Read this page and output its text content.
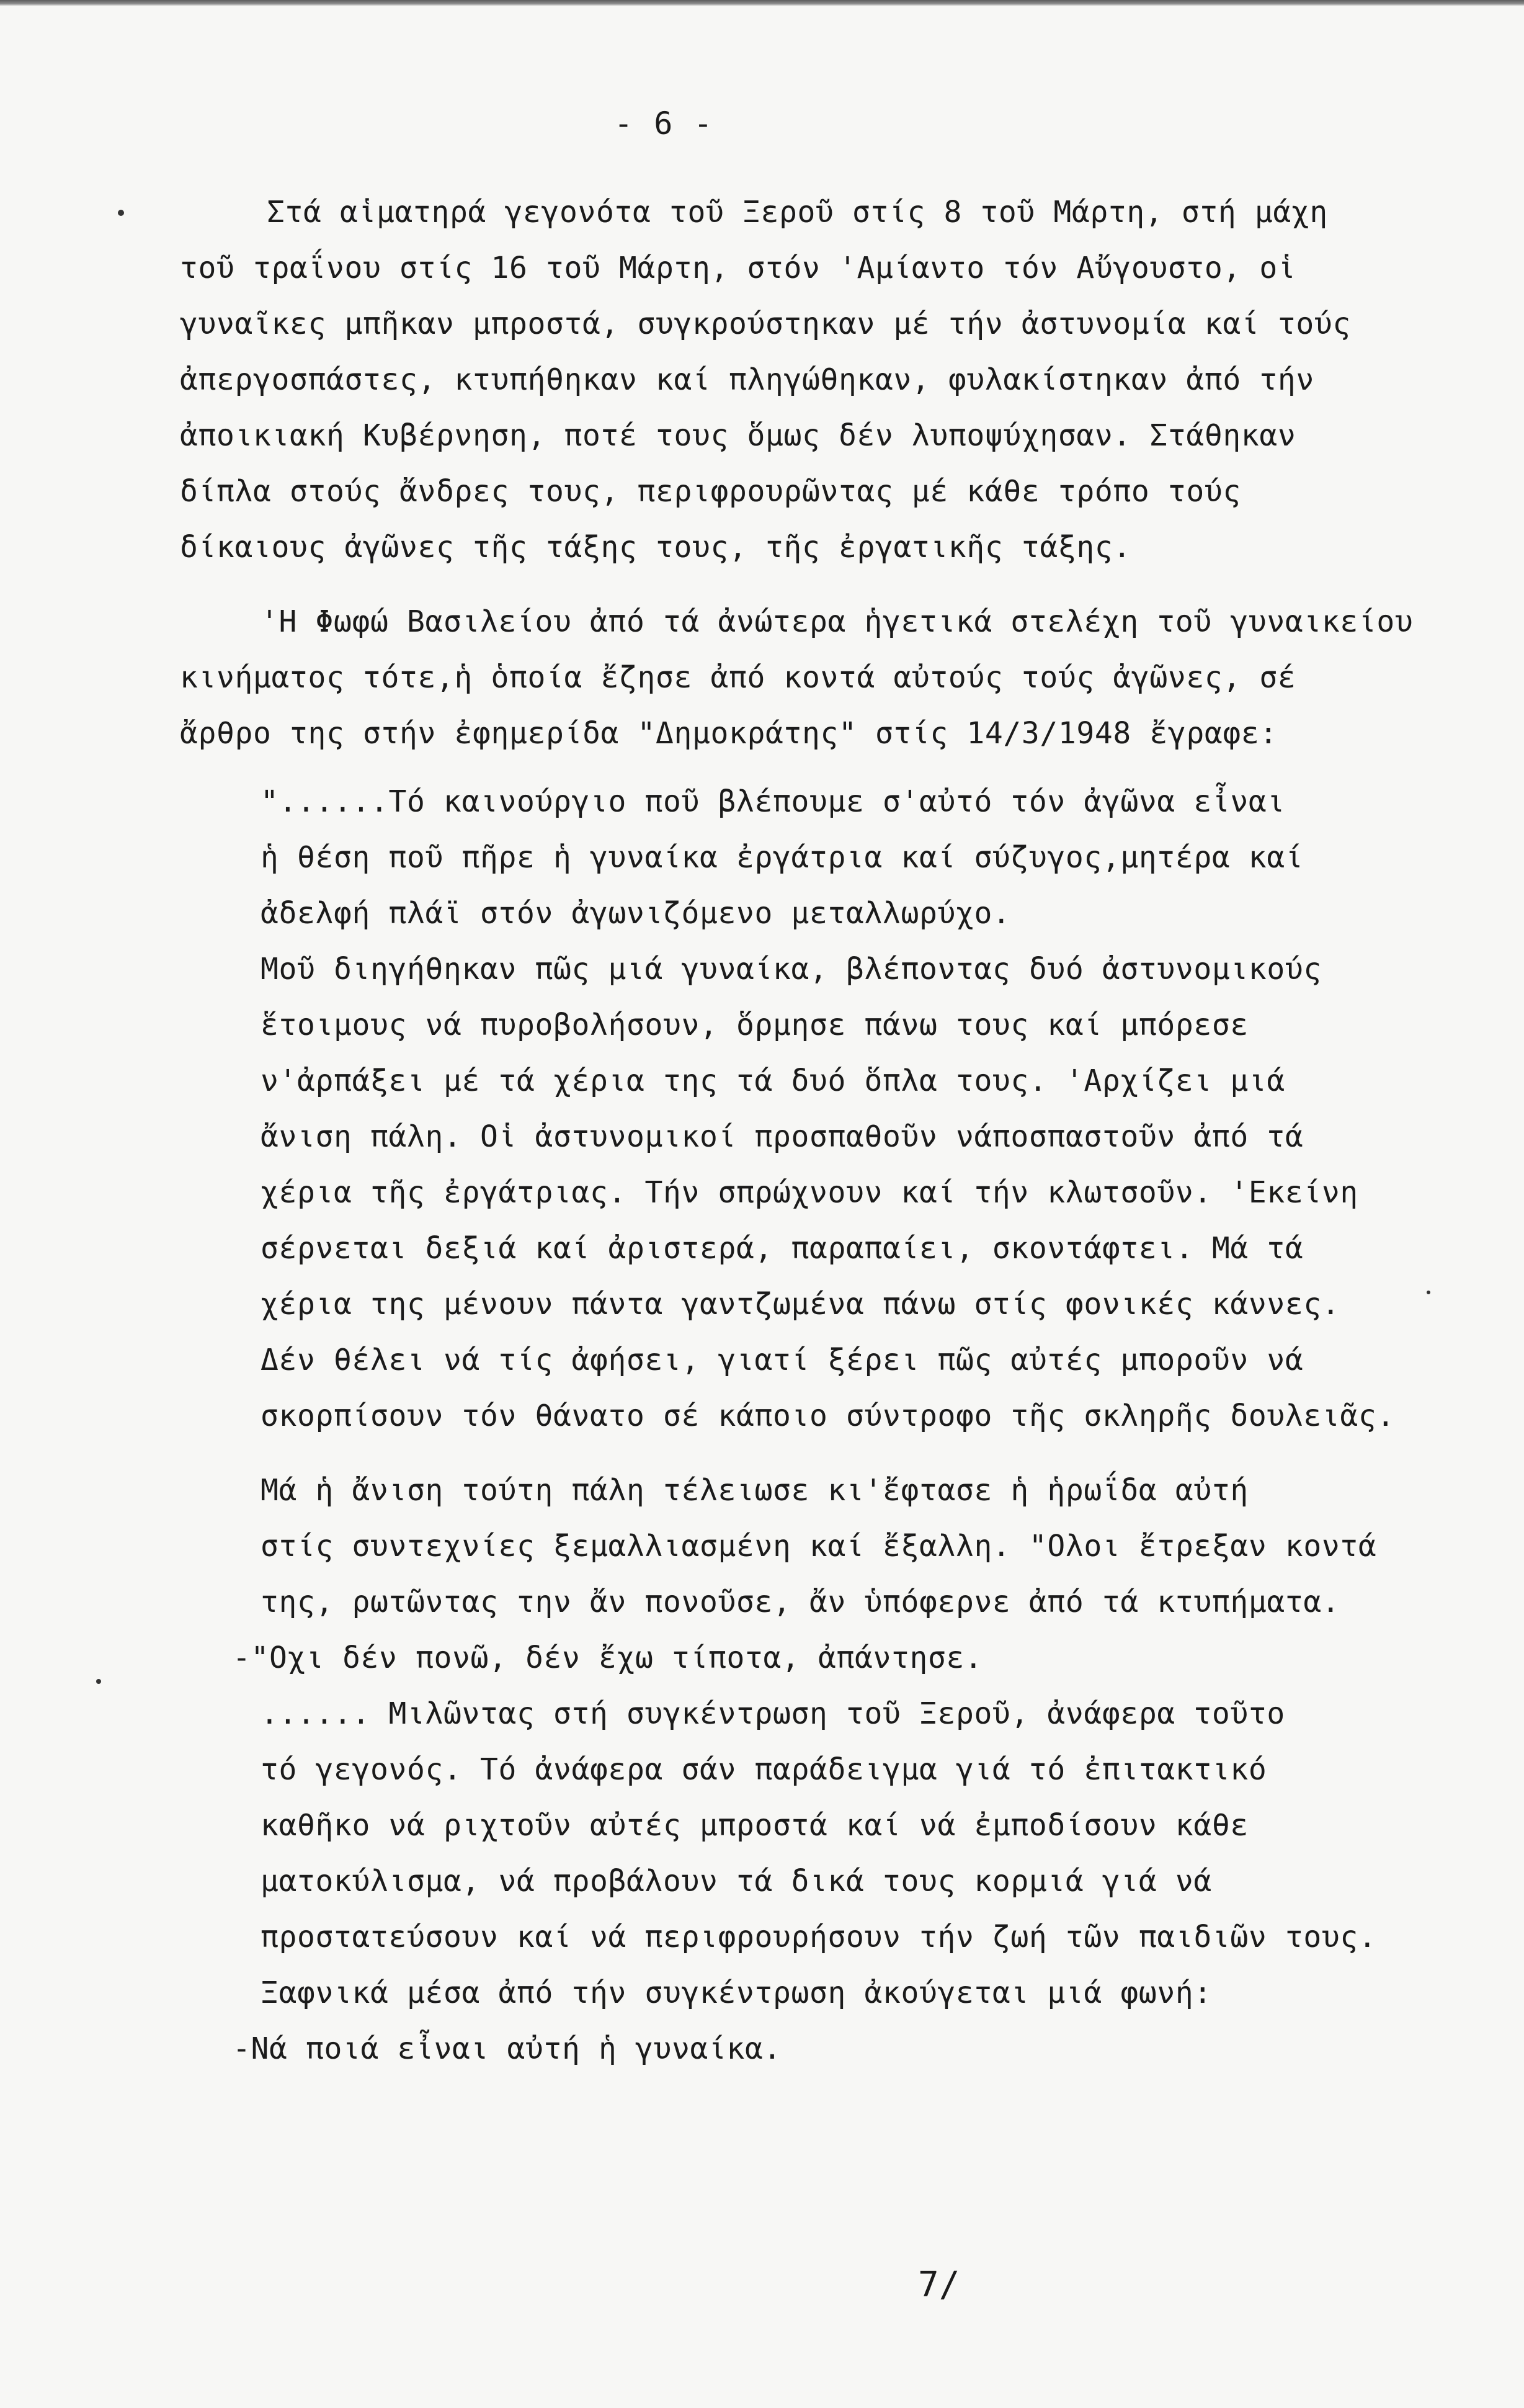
- 6 -
Στά αἱματηρά γεγονότα τοῦ Ξεροῦ στίς 8 τοῦ Μάρτη, στή μάχη
τοῦ τραΐνου στίς 16 τοῦ Μάρτη, στόν 'Αμίαντο τόν Αὔγουστο, οἱ
γυναῖκες μπῆκαν μπροστά, συγκρούστηκαν μέ τήν ἀστυνομία καί τούς
ἀπεργοσπάστες, κτυπήθηκαν καί πληγώθηκαν, φυλακίστηκαν ἀπό τήν
ἀποικιακή Κυβέρνηση, ποτέ τους ὅμως δέν λυποψύχησαν. Στάθηκαν
δίπλα στούς ἄνδρες τους, περιφρουρῶντας μέ κάθε τρόπο τούς
δίκαιους ἀγῶνες τῆς τάξης τους, τῆς ἐργατικῆς τάξης.
'Η Φωφώ Βασιλείου ἀπό τά ἀνώτερα ἡγετικά στελέχη τοῦ γυναικείου
κινήματος τότε,ἡ ὁποία ἔζησε ἀπό κοντά αὐτούς τούς ἀγῶνες, σέ
ἄρθρο της στήν ἐφημερίδα "Δημοκράτης" στίς 14/3/1948 ἔγραφε:
"......Τό καινούργιο ποῦ βλέπουμε σ'αὐτό τόν ἀγῶνα εἶναι
ἡ θέση ποῦ πῆρε ἡ γυναίκα ἐργάτρια καί σύζυγος,μητέρα καί
ἀδελφή πλάϊ στόν ἀγωνιζόμενο μεταλλωρύχο.
Μοῦ διηγήθηκαν πῶς μιά γυναίκα, βλέποντας δυό ἀστυνομικούς
ἕτοιμους νά πυροβολήσουν, ὅρμησε πάνω τους καί μπόρεσε
ν'ἀρπάξει μέ τά χέρια της τά δυό ὅπλα τους. 'Αρχίζει μιά
ἄνιση πάλη. Οἱ ἀστυνομικοί προσπαθοῦν νάποσπαστοῦν ἀπό τά
χέρια τῆς ἐργάτριας. Τήν σπρώχνουν καί τήν κλωτσοῦν. 'Εκείνη
σέρνεται δεξιά καί ἀριστερά, παραπαίει, σκοντάφτει. Μά τά
χέρια της μένουν πάντα γαντζωμένα πάνω στίς φονικές κάννες.
Δέν θέλει νά τίς ἀφήσει, γιατί ξέρει πῶς αὐτές μποροῦν νά
σκορπίσουν τόν θάνατο σέ κάποιο σύντροφο τῆς σκληρῆς δουλειᾶς.
Μά ἡ ἄνιση τούτη πάλη τέλειωσε κι'ἔφτασε ἡ ἡρωΐδα αὐτή
στίς συντεχνίες ξεμαλλιασμένη καί ἔξαλλη. "Ολοι ἔτρεξαν κοντά
της, ρωτῶντας την ἄν πονοῦσε, ἄν ὑπόφερνε ἀπό τά κτυπήματα.
-"Οχι δέν πονῶ, δέν ἔχω τίποτα, ἀπάντησε.
...... Μιλῶντας στή συγκέντρωση τοῦ Ξεροῦ, ἀνάφερα τοῦτο
τό γεγονός. Τό ἀνάφερα σάν παράδειγμα γιά τό ἐπιτακτικό
καθῆκο νά ριχτοῦν αὐτές μπροστά καί νά ἐμποδίσουν κάθε
ματοκύλισμα, νά προβάλουν τά δικά τους κορμιά γιά νά
προστατεύσουν καί νά περιφρουρήσουν τήν ζωή τῶν παιδιῶν τους.
Ξαφνικά μέσα ἀπό τήν συγκέντρωση ἀκούγεται μιά φωνή:
-Νά ποιά εἶναι αὐτή ἡ γυναίκα.
7/
